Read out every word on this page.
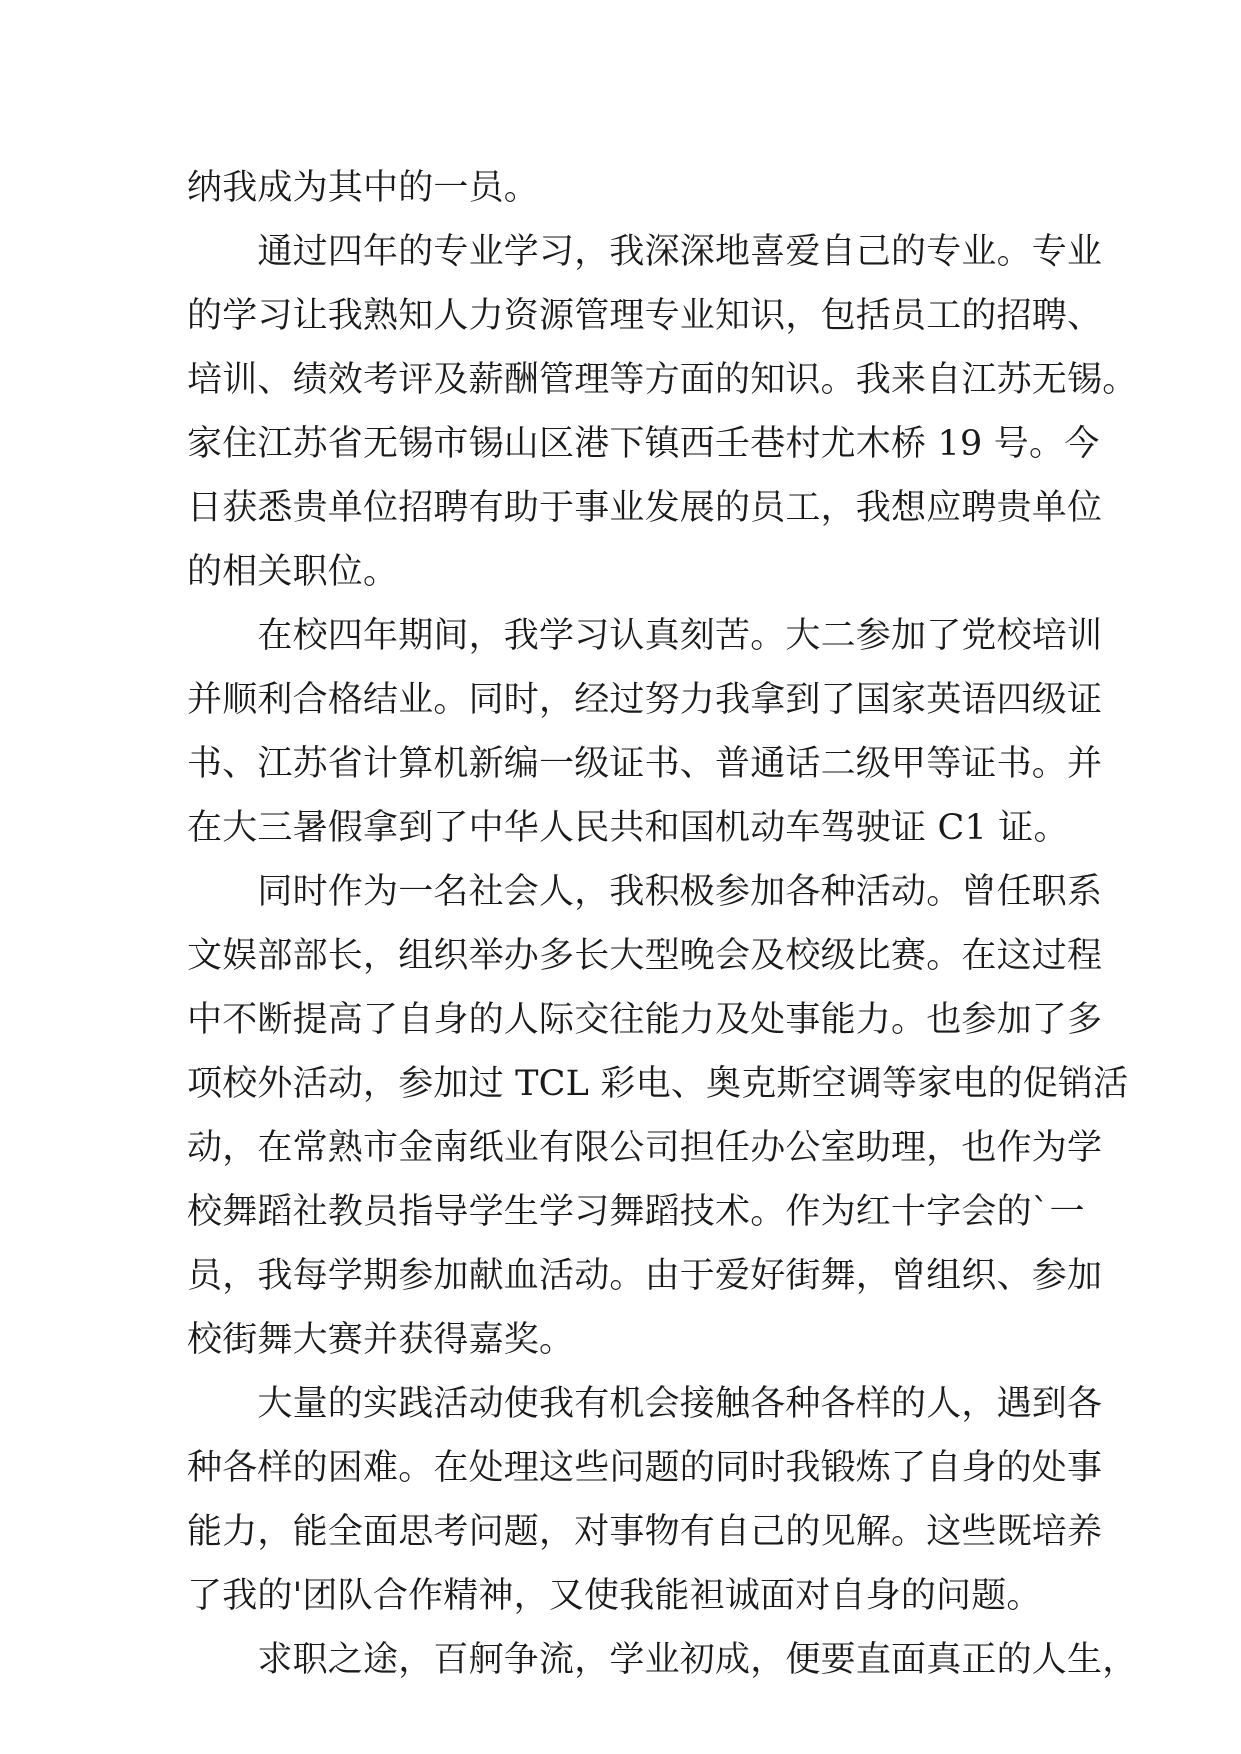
纳我成为其中的一员。
　　通过四年的专业学习，我深深地喜爱自己的专业。专业
的学习让我熟知人力资源管理专业知识，包括员工的招聘、
培训、绩效考评及薪酬管理等方面的知识。我来自江苏无锡。
家住江苏省无锡市锡山区港下镇西壬巷村尤木桥 19 号。今
日获悉贵单位招聘有助于事业发展的员工，我想应聘贵单位
的相关职位。
　　在校四年期间，我学习认真刻苦。大二参加了党校培训
并顺利合格结业。同时，经过努力我拿到了国家英语四级证
书、江苏省计算机新编一级证书、普通话二级甲等证书。并
在大三暑假拿到了中华人民共和国机动车驾驶证 C1 证。
　　同时作为一名社会人，我积极参加各种活动。曾任职系
文娱部部长，组织举办多长大型晚会及校级比赛。在这过程
中不断提高了自身的人际交往能力及处事能力。也参加了多
项校外活动，参加过 TCL 彩电、奥克斯空调等家电的促销活
动，在常熟市金南纸业有限公司担任办公室助理，也作为学
校舞蹈社教员指导学生学习舞蹈技术。作为红十字会的`一
员，我每学期参加献血活动。由于爱好街舞，曾组织、参加
校街舞大赛并获得嘉奖。
　　大量的实践活动使我有机会接触各种各样的人，遇到各
种各样的困难。在处理这些问题的同时我锻炼了自身的处事
能力，能全面思考问题，对事物有自己的见解。这些既培养
了我的'团队合作精神，又使我能袒诚面对自身的问题。
　　求职之途，百舸争流，学业初成，便要直面真正的人生，
